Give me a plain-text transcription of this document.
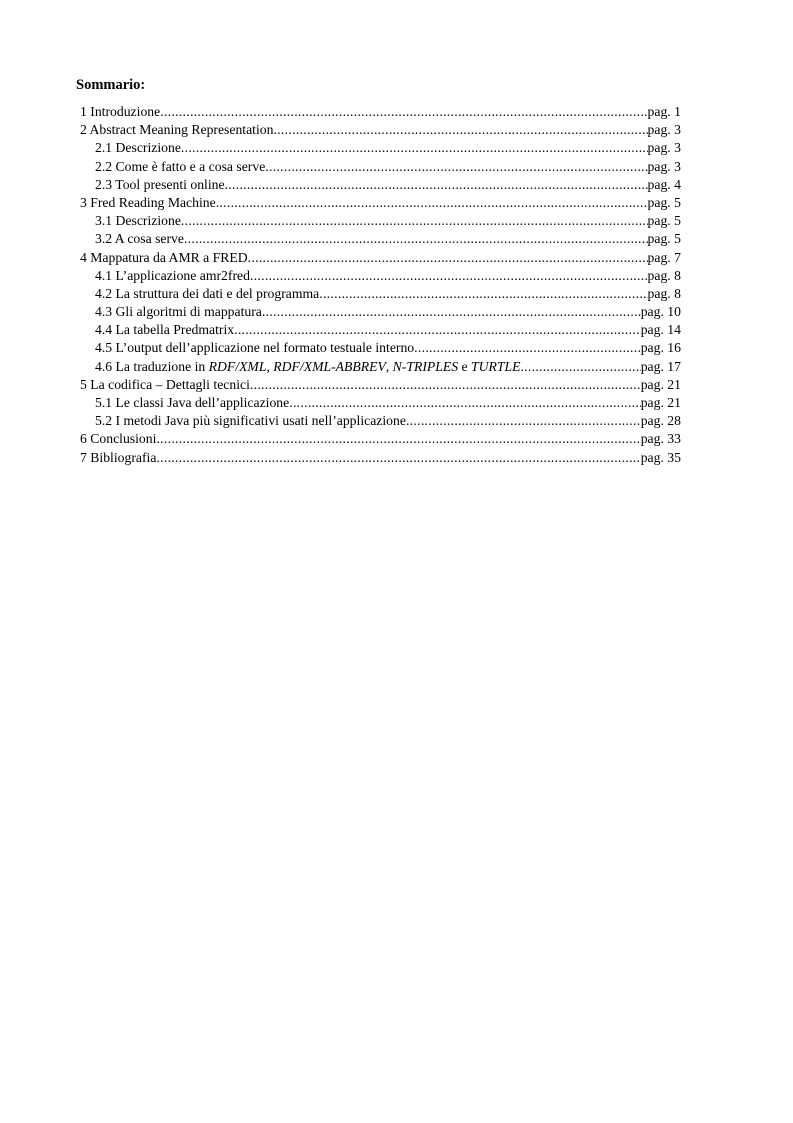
Sommario:
1 Introduzione .....	pag. 1
2 Abstract Meaning Representation .....	pag. 3
2.1 Descrizione .....	pag. 3
2.2 Come è fatto e a cosa serve .....	pag. 3
2.3 Tool presenti online .....	pag. 4
3 Fred Reading Machine .....	pag. 5
3.1 Descrizione .....	pag. 5
3.2 A cosa serve .....	pag. 5
4 Mappatura da AMR a FRED .....	pag. 7
4.1 L’applicazione amr2fred .....	pag. 8
4.2 La struttura dei dati e del programma .....	pag. 8
4.3 Gli algoritmi di mappatura .....	pag. 10
4.4 La tabella Predmatrix .....	pag. 14
4.5 L’output dell’applicazione nel formato testuale interno .....	pag. 16
4.6 La traduzione in RDF/XML, RDF/XML-ABBREV, N-TRIPLES e TURTLE .....	pag. 17
5 La codifica – Dettagli tecnici .....	pag. 21
5.1 Le classi Java dell’applicazione .....	pag. 21
5.2 I metodi Java più significativi usati nell’applicazione .....	pag. 28
6 Conclusioni .....	pag. 33
7 Bibliografia .....	pag. 35
